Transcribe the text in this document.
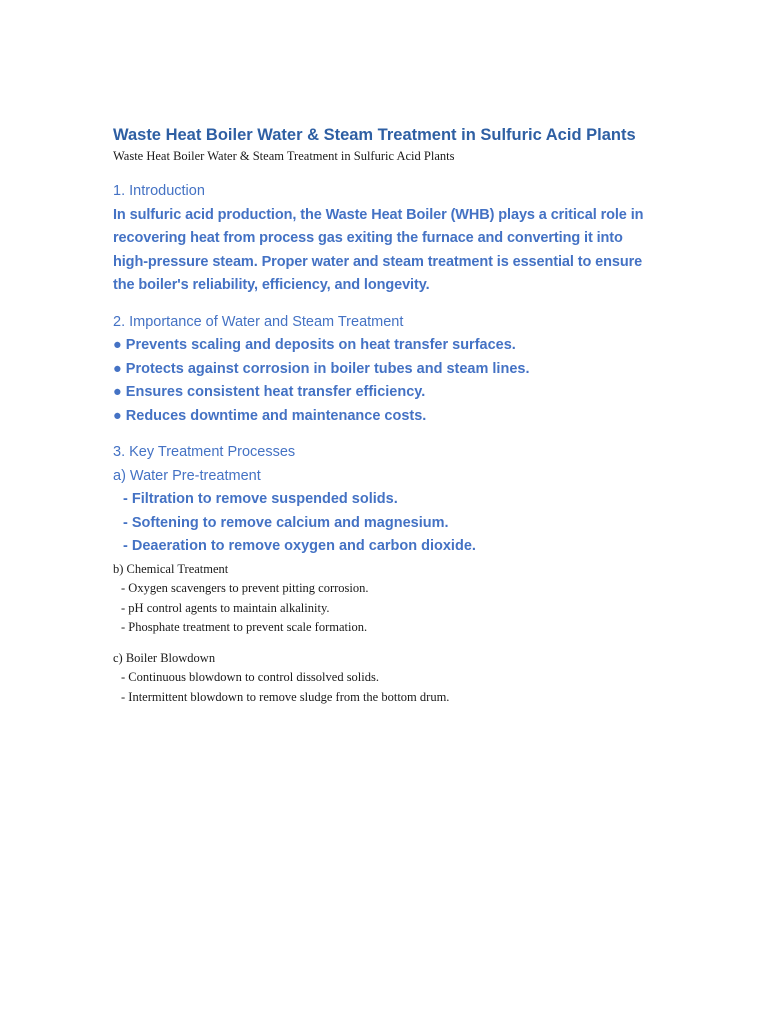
Waste Heat Boiler Water & Steam Treatment in Sulfuric Acid Plants

Waste Heat Boiler Water & Steam Treatment in Sulfuric Acid Plants

1. Introduction

In sulfuric acid production, the Waste Heat Boiler (WHB) plays a critical role in

recovering heat from process gas exiting the furnace and converting it into

high-pressure steam. Proper water and steam treatment is essential to ensure

the boiler's reliability, efficiency, and longevity.

2. Importance of Water and Steam Treatment

● Prevents scaling and deposits on heat transfer surfaces.

● Protects against corrosion in boiler tubes and steam lines.

● Ensures consistent heat transfer efficiency.

● Reduces downtime and maintenance costs.

3. Key Treatment Processes

a) Water Pre-treatment

- Filtration to remove suspended solids.

- Softening to remove calcium and magnesium.

- Deaeration to remove oxygen and carbon dioxide.

b) Chemical Treatment

- Oxygen scavengers to prevent pitting corrosion.

- pH control agents to maintain alkalinity.

- Phosphate treatment to prevent scale formation.

c) Boiler Blowdown

- Continuous blowdown to control dissolved solids.

- Intermittent blowdown to remove sludge from the bottom drum.
